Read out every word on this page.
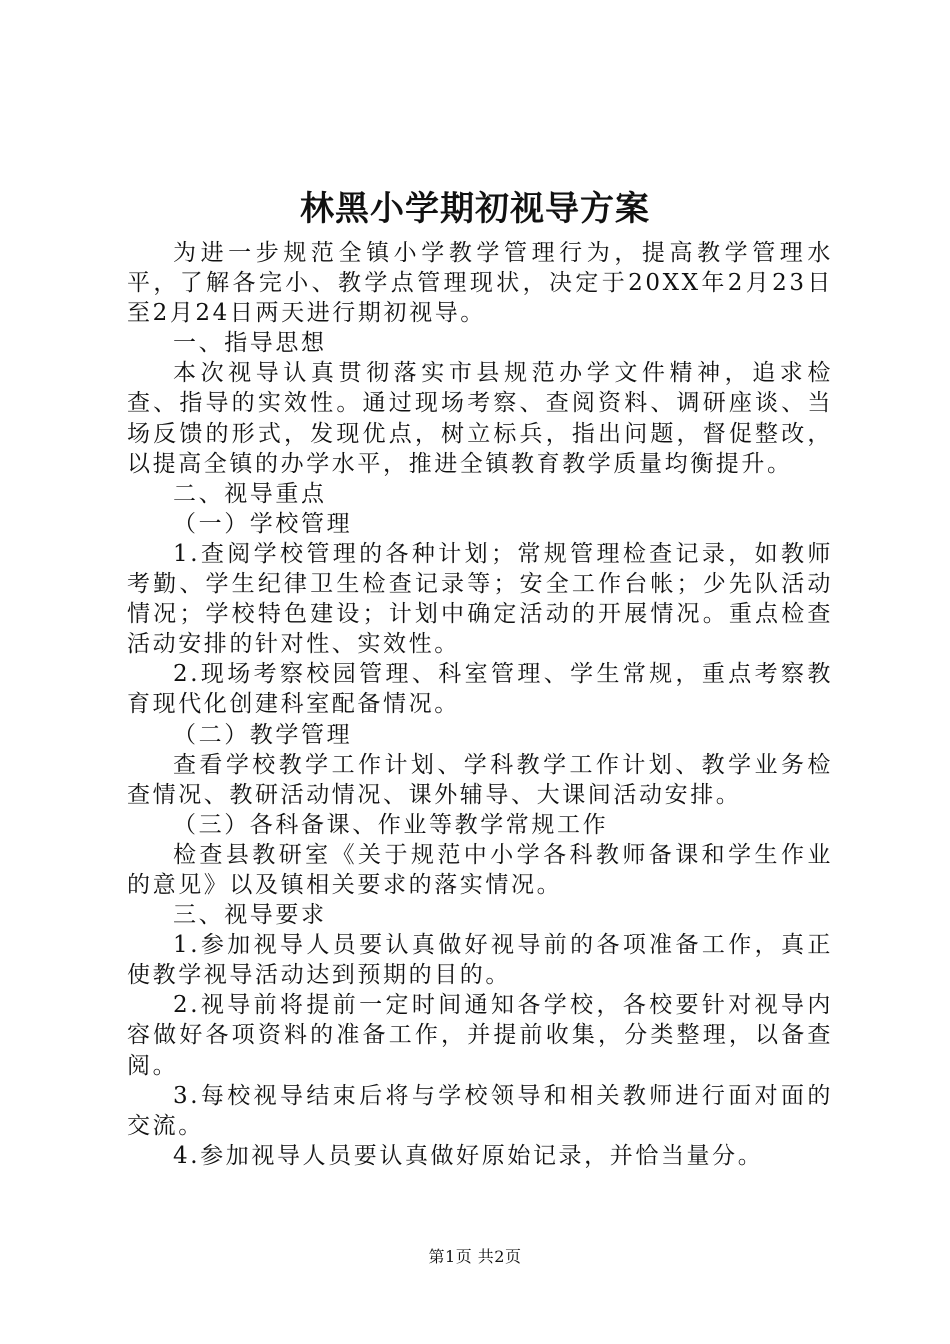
林黑小学期初视导方案

为进一步规范全镇小学教学管理行为，提高教学管理水平，了解各完小、教学点管理现状，决定于20XX年2月23日至2月24日两天进行期初视导。

一、指导思想

本次视导认真贯彻落实市县规范办学文件精神，追求检查、指导的实效性。通过现场考察、查阅资料、调研座谈、当场反馈的形式，发现优点，树立标兵，指出问题，督促整改，以提高全镇的办学水平，推进全镇教育教学质量均衡提升。

二、视导重点

（一）学校管理

1.查阅学校管理的各种计划；常规管理检查记录，如教师考勤、学生纪律卫生检查记录等；安全工作台帐；少先队活动情况；学校特色建设；计划中确定活动的开展情况。重点检查活动安排的针对性、实效性。

2.现场考察校园管理、科室管理、学生常规，重点考察教育现代化创建科室配备情况。

（二）教学管理

查看学校教学工作计划、学科教学工作计划、教学业务检查情况、教研活动情况、课外辅导、大课间活动安排。

（三）各科备课、作业等教学常规工作

检查县教研室《关于规范中小学各科教师备课和学生作业的意见》以及镇相关要求的落实情况。

三、视导要求

1.参加视导人员要认真做好视导前的各项准备工作，真正使教学视导活动达到预期的目的。

2.视导前将提前一定时间通知各学校，各校要针对视导内容做好各项资料的准备工作，并提前收集，分类整理，以备查阅。

3.每校视导结束后将与学校领导和相关教师进行面对面的交流。

4.参加视导人员要认真做好原始记录，并恰当量分。

第1页 共2页
